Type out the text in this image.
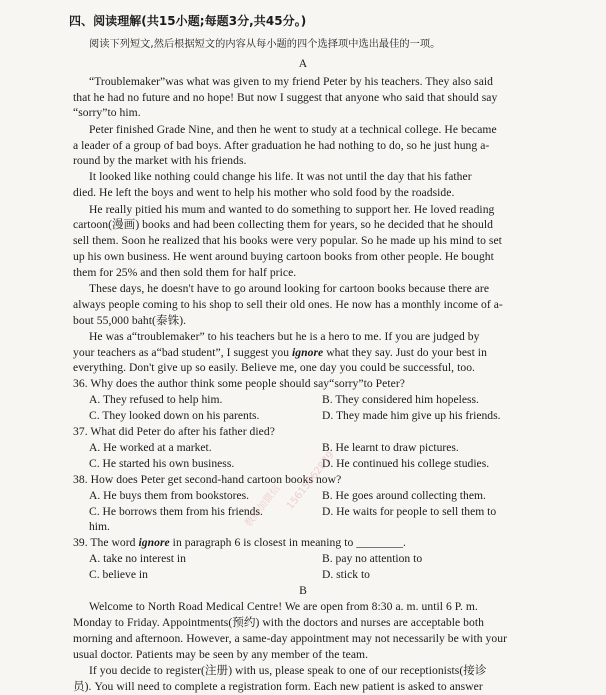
四、阅读理解(共15小题;每题3分,共45分。)
阅读下列短文,然后根据短文的内容从每小题的四个选择项中选出最佳的一项。
A
“Troublemaker”was what was given to my friend Peter by his teachers. They also said
that he had no future and no hope! But now I suggest that anyone who said that should say
“sorry”to him.
Peter finished Grade Nine, and then he went to study at a technical college. He became
a leader of a group of bad boys. After graduation he had nothing to do, so he just hung a-
round by the market with his friends.
It looked like nothing could change his life. It was not until the day that his father
died. He left the boys and went to help his mother who sold food by the roadside.
He really pitied his mum and wanted to do something to support her. He loved reading
cartoon(漫画) books and had been collecting them for years, so he decided that he should
sell them. Soon he realized that his books were very popular. So he made up his mind to set
up his own business. He went around buying cartoon books from other people. He bought
them for 25% and then sold them for half price.
These days, he doesn't have to go around looking for cartoon books because there are
always people coming to his shop to sell their old ones. He now has a monthly income of a-
bout 55,000 baht(泰铢).
He was a“troublemaker” to his teachers but he is a hero to me. If you are judged by
your teachers as a“bad student”, I suggest you ignore what they say. Just do your best in
everything. Don't give up so easily. Believe me, one day you could be successful, too.
36. Why does the author think some people should say“sorry”to Peter?
A. They refused to help him.	B. They considered him hopeless.
C. They looked down on his parents.	D. They made him give up his friends.
37. What did Peter do after his father died?
A. He worked at a market.	B. He learnt to draw pictures.
C. He started his own business.	D. He continued his college studies.
38. How does Peter get second-hand cartoon books now?
A. He buys them from bookstores.	B. He goes around collecting them.
C. He borrows them from his friends.	D. He waits for people to sell them to
him.
39. The word ignore in paragraph 6 is closest in meaning to ________.
A. take no interest in	B. pay no attention to
C. believe in	D. stick to
B
Welcome to North Road Medical Centre! We are open from 8:30 a. m. until 6 P. m.
Monday to Friday. Appointments(预约) with the doctors and nurses are acceptable both
morning and afternoon. However, a same-day appointment may not necessarily be with your
usual doctor. Patients may be seen by any member of the team.
If you decide to register(注册) with us, please speak to one of our receptionists(接诊
员). You will need to complete a registration form. Each new patient is asked to answer
教师加微信 15615862879
